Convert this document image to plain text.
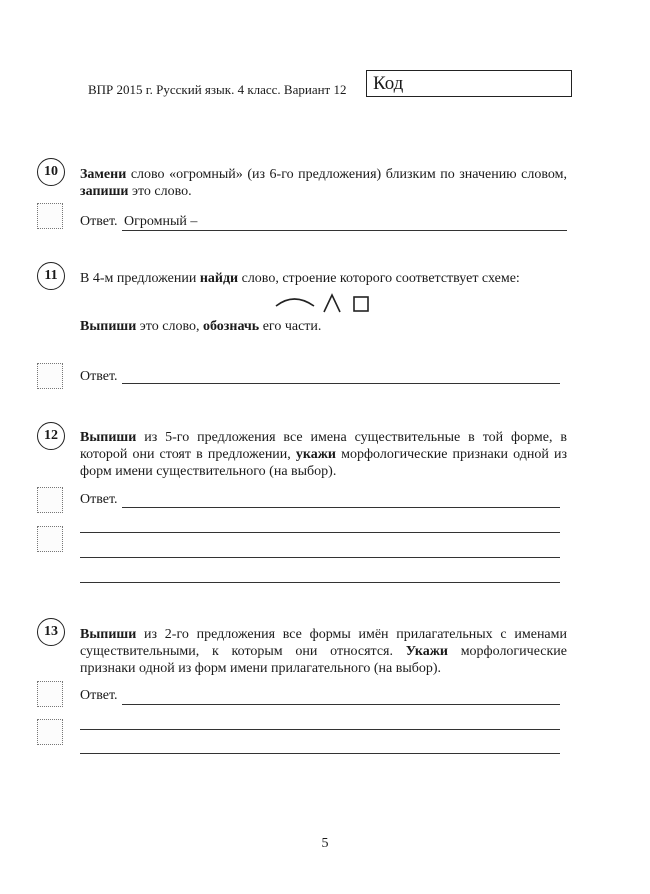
ВПР 2015 г. Русский язык. 4 класс. Вариант 12	Код
10	Замени слово «огромный» (из 6-го предложения) близким по значению словом, запиши это слово.
Ответ. Огромный –
11	В 4-м предложении найди слово, строение которого соответствует схеме:
Выпиши это слово, обозначь его части.
Ответ.
12	Выпиши из 5-го предложения все имена существительные в той форме, в которой они стоят в предложении, укажи морфологические признаки одной из форм имени существительного (на выбор).
Ответ.
13	Выпиши из 2-го предложения все формы имён прилагательных с именами существительными, к которым они относятся. Укажи морфологические признаки одной из форм имени прилагательного (на выбор).
Ответ.
5
